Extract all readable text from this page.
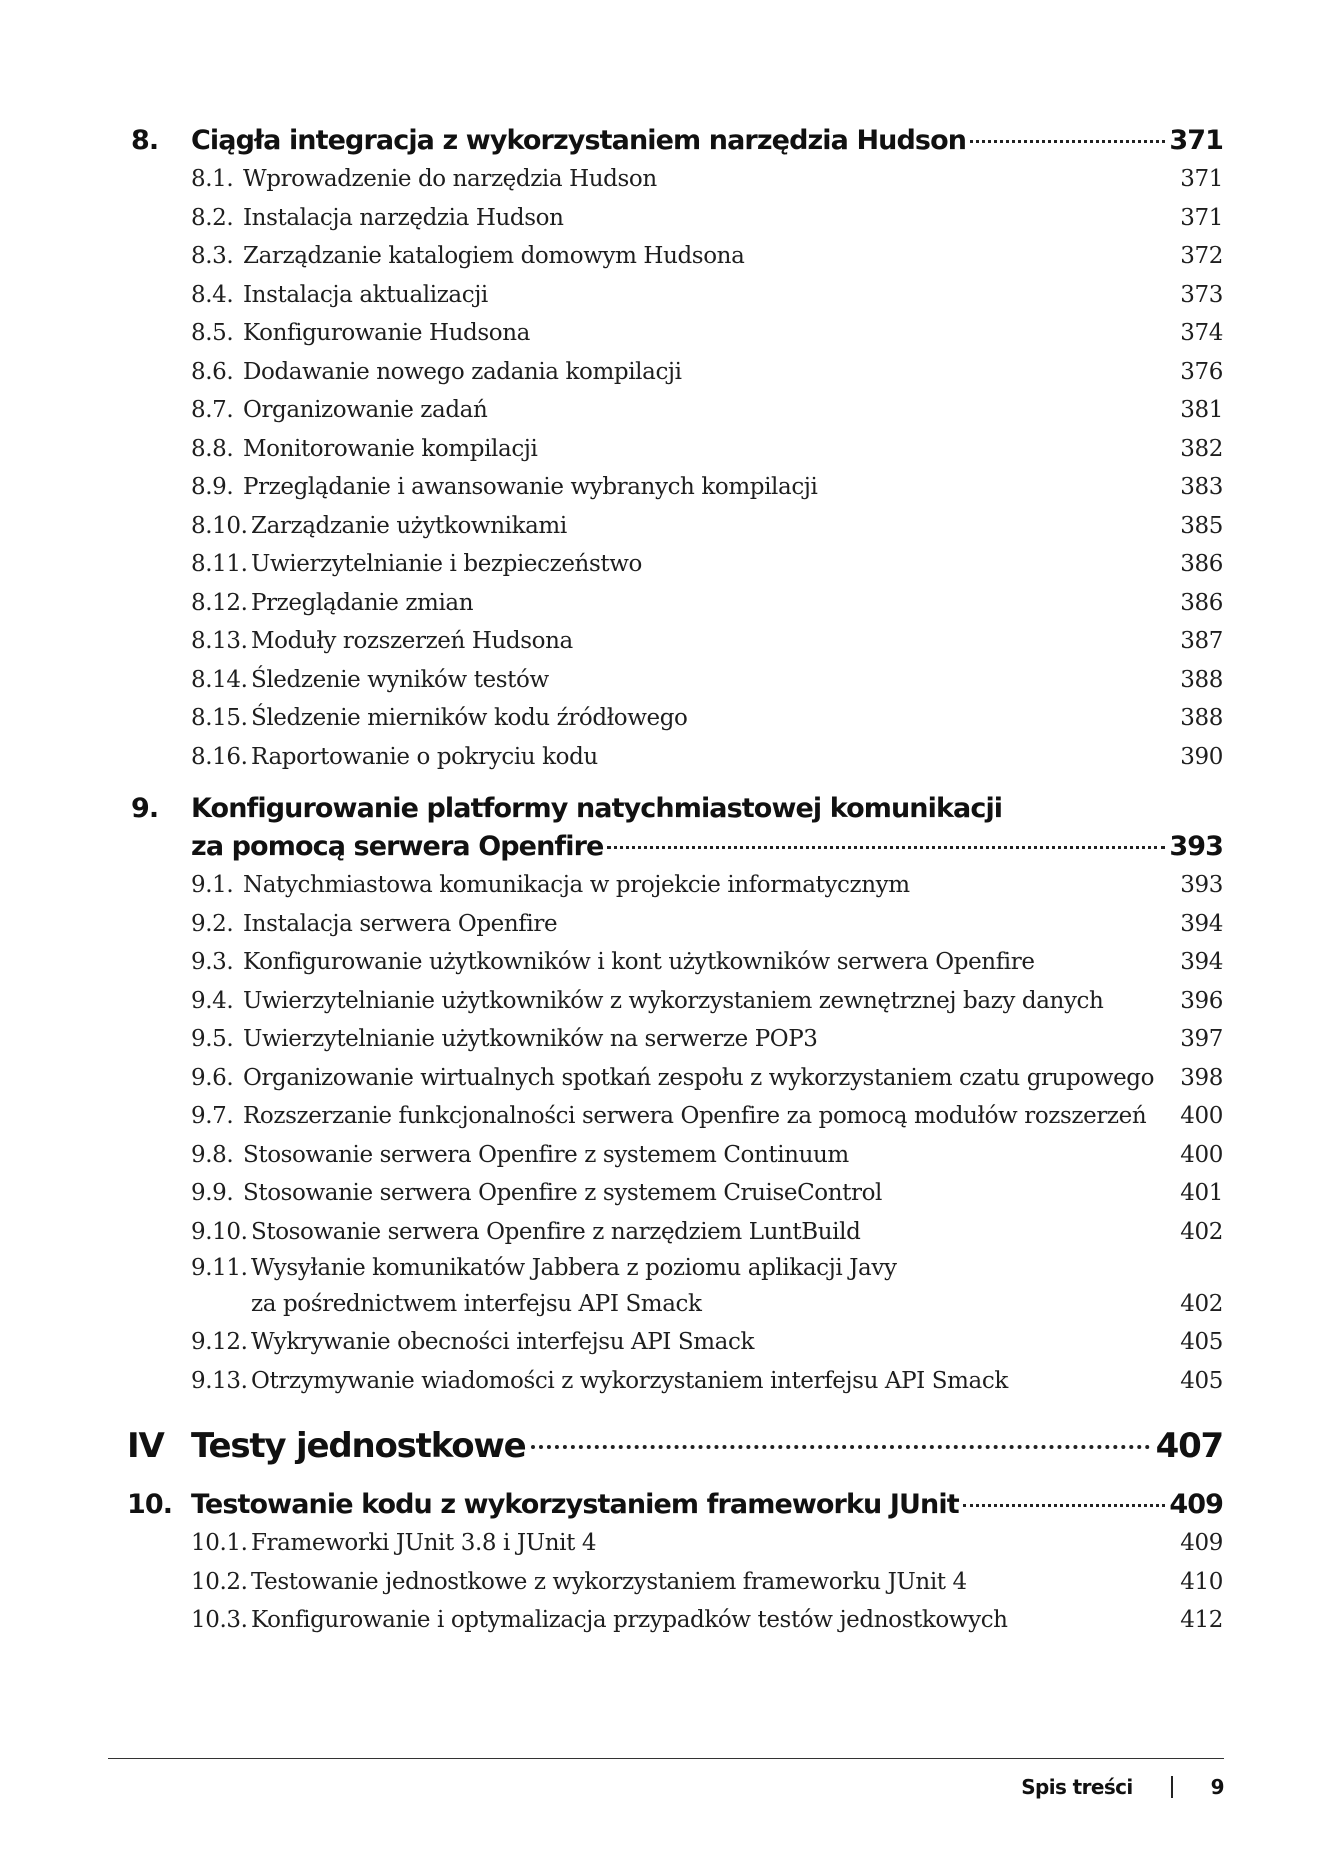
8.	Ciągła integracja z wykorzystaniem narzędzia Hudson	371
8.1. Wprowadzenie do narzędzia Hudson	371
8.2. Instalacja narzędzia Hudson	371
8.3. Zarządzanie katalogiem domowym Hudsona	372
8.4. Instalacja aktualizacji	373
8.5. Konfigurowanie Hudsona	374
8.6. Dodawanie nowego zadania kompilacji	376
8.7. Organizowanie zadań	381
8.8. Monitorowanie kompilacji	382
8.9. Przeglądanie i awansowanie wybranych kompilacji	383
8.10. Zarządzanie użytkownikami	385
8.11. Uwierzytelnianie i bezpieczeństwo	386
8.12. Przeglądanie zmian	386
8.13. Moduły rozszerzeń Hudsona	387
8.14. Śledzenie wyników testów	388
8.15. Śledzenie mierników kodu źródłowego	388
8.16. Raportowanie o pokryciu kodu	390
9.	Konfigurowanie platformy natychmiastowej komunikacji
za pomocą serwera Openfire	393
9.1. Natychmiastowa komunikacja w projekcie informatycznym	393
9.2. Instalacja serwera Openfire	394
9.3. Konfigurowanie użytkowników i kont użytkowników serwera Openfire	394
9.4. Uwierzytelnianie użytkowników z wykorzystaniem zewnętrznej bazy danych	396
9.5. Uwierzytelnianie użytkowników na serwerze POP3	397
9.6. Organizowanie wirtualnych spotkań zespołu z wykorzystaniem czatu grupowego	398
9.7. Rozszerzanie funkcjonalności serwera Openfire za pomocą modułów rozszerzeń	400
9.8. Stosowanie serwera Openfire z systemem Continuum	400
9.9. Stosowanie serwera Openfire z systemem CruiseControl	401
9.10. Stosowanie serwera Openfire z narzędziem LuntBuild	402
9.11. Wysyłanie komunikatów Jabbera z poziomu aplikacji Javy
za pośrednictwem interfejsu API Smack	402
9.12. Wykrywanie obecności interfejsu API Smack	405
9.13. Otrzymywanie wiadomości z wykorzystaniem interfejsu API Smack	405
IV Testy jednostkowe	407
10. Testowanie kodu z wykorzystaniem frameworku JUnit	409
10.1. Frameworki JUnit 3.8 i JUnit 4	409
10.2. Testowanie jednostkowe z wykorzystaniem frameworku JUnit 4	410
10.3. Konfigurowanie i optymalizacja przypadków testów jednostkowych	412
Spis treści	9
